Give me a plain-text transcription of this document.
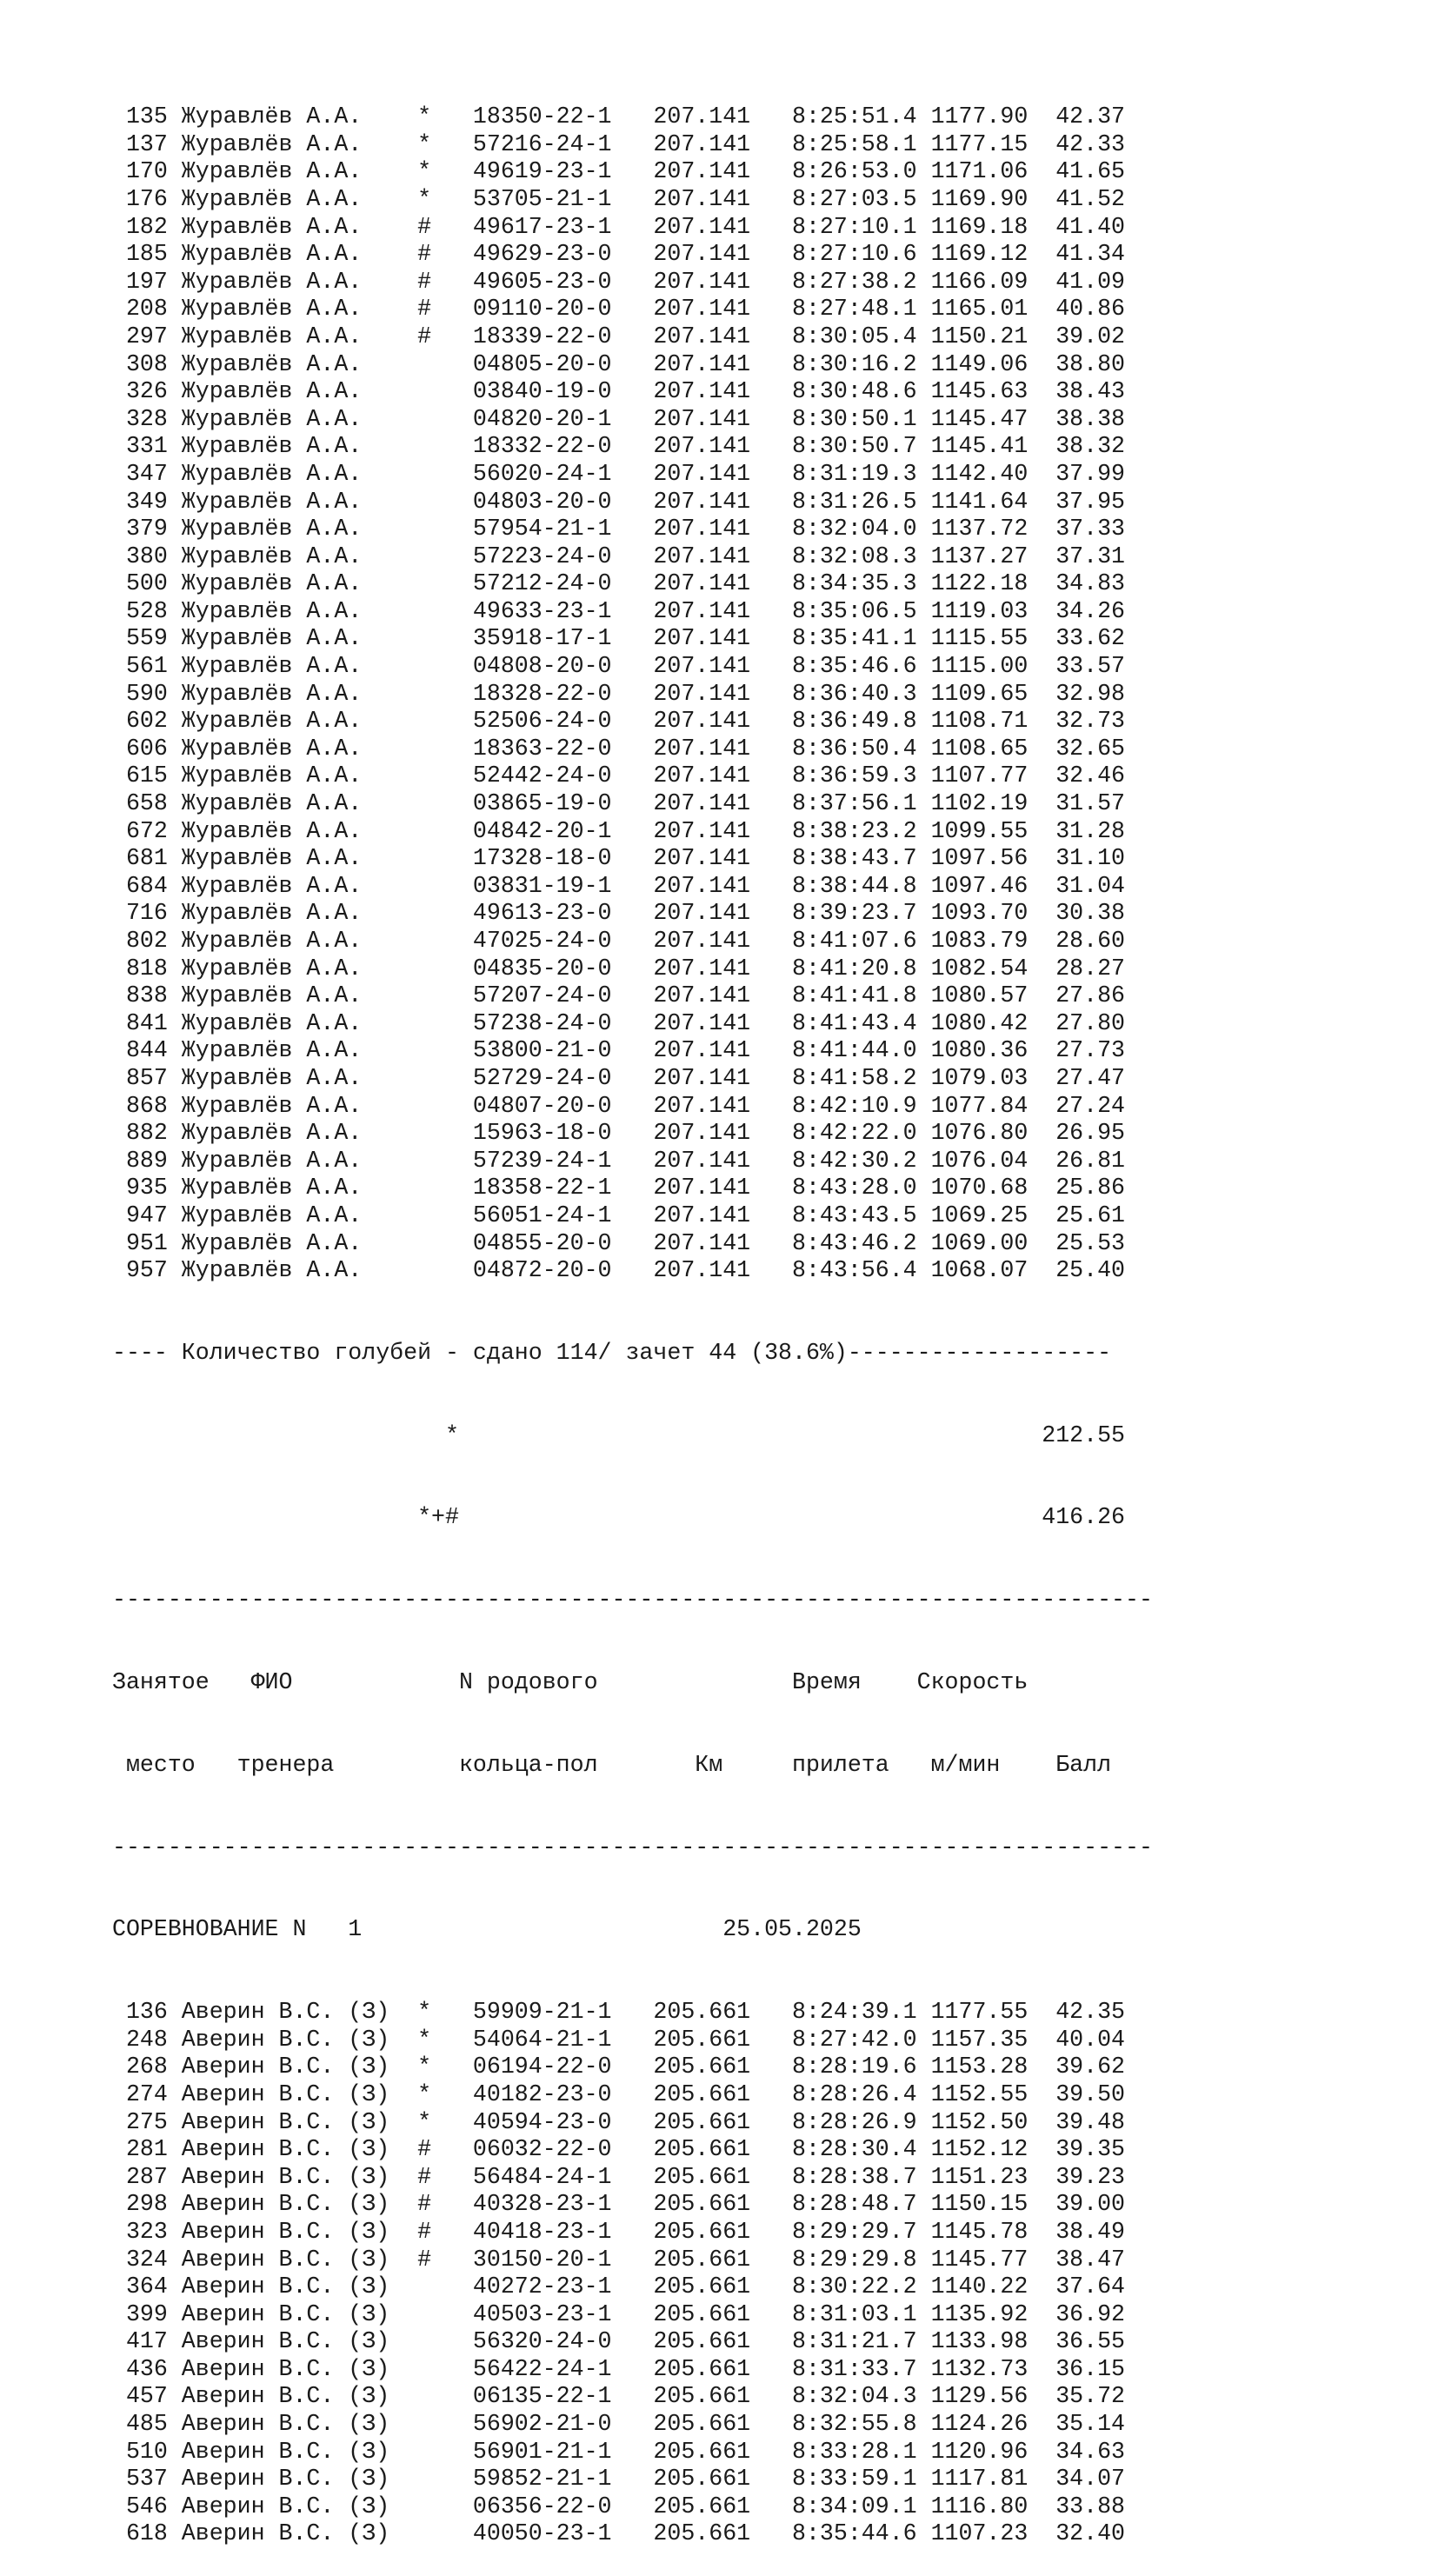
135 Журавлёв А.А.    *   18350-22-1   207.141   8:25:51.4 1177.90  42.37
137 Журавлёв А.А.    *   57216-24-1   207.141   8:25:58.1 1177.15  42.33
170 Журавлёв А.А.    *   49619-23-1   207.141   8:26:53.0 1171.06  41.65
176 Журавлёв А.А.    *   53705-21-1   207.141   8:27:03.5 1169.90  41.52
182 Журавлёв А.А.    #   49617-23-1   207.141   8:27:10.1 1169.18  41.40
185 Журавлёв А.А.    #   49629-23-0   207.141   8:27:10.6 1169.12  41.34
197 Журавлёв А.А.    #   49605-23-0   207.141   8:27:38.2 1166.09  41.09
208 Журавлёв А.А.    #   09110-20-0   207.141   8:27:48.1 1165.01  40.86
297 Журавлёв А.А.    #   18339-22-0   207.141   8:30:05.4 1150.21  39.02
308 Журавлёв А.А.        04805-20-0   207.141   8:30:16.2 1149.06  38.80
326 Журавлёв А.А.        03840-19-0   207.141   8:30:48.6 1145.63  38.43
328 Журавлёв А.А.        04820-20-1   207.141   8:30:50.1 1145.47  38.38
331 Журавлёв А.А.        18332-22-0   207.141   8:30:50.7 1145.41  38.32
347 Журавлёв А.А.        56020-24-1   207.141   8:31:19.3 1142.40  37.99
349 Журавлёв А.А.        04803-20-0   207.141   8:31:26.5 1141.64  37.95
379 Журавлёв А.А.        57954-21-1   207.141   8:32:04.0 1137.72  37.33
380 Журавлёв А.А.        57223-24-0   207.141   8:32:08.3 1137.27  37.31
500 Журавлёв А.А.        57212-24-0   207.141   8:34:35.3 1122.18  34.83
528 Журавлёв А.А.        49633-23-1   207.141   8:35:06.5 1119.03  34.26
559 Журавлёв А.А.        35918-17-1   207.141   8:35:41.1 1115.55  33.62
561 Журавлёв А.А.        04808-20-0   207.141   8:35:46.6 1115.00  33.57
590 Журавлёв А.А.        18328-22-0   207.141   8:36:40.3 1109.65  32.98
602 Журавлёв А.А.        52506-24-0   207.141   8:36:49.8 1108.71  32.73
606 Журавлёв А.А.        18363-22-0   207.141   8:36:50.4 1108.65  32.65
615 Журавлёв А.А.        52442-24-0   207.141   8:36:59.3 1107.77  32.46
658 Журавлёв А.А.        03865-19-0   207.141   8:37:56.1 1102.19  31.57
672 Журавлёв А.А.        04842-20-1   207.141   8:38:23.2 1099.55  31.28
681 Журавлёв А.А.        17328-18-0   207.141   8:38:43.7 1097.56  31.10
684 Журавлёв А.А.        03831-19-1   207.141   8:38:44.8 1097.46  31.04
716 Журавлёв А.А.        49613-23-0   207.141   8:39:23.7 1093.70  30.38
802 Журавлёв А.А.        47025-24-0   207.141   8:41:07.6 1083.79  28.60
818 Журавлёв А.А.        04835-20-0   207.141   8:41:20.8 1082.54  28.27
838 Журавлёв А.А.        57207-24-0   207.141   8:41:41.8 1080.57  27.86
841 Журавлёв А.А.        57238-24-0   207.141   8:41:43.4 1080.42  27.80
844 Журавлёв А.А.        53800-21-0   207.141   8:41:44.0 1080.36  27.73
857 Журавлёв А.А.        52729-24-0   207.141   8:41:58.2 1079.03  27.47
868 Журавлёв А.А.        04807-20-0   207.141   8:42:10.9 1077.84  27.24
882 Журавлёв А.А.        15963-18-0   207.141   8:42:22.0 1076.80  26.95
889 Журавлёв А.А.        57239-24-1   207.141   8:42:30.2 1076.04  26.81
935 Журавлёв А.А.        18358-22-1   207.141   8:43:28.0 1070.68  25.86
947 Журавлёв А.А.        56051-24-1   207.141   8:43:43.5 1069.25  25.61
951 Журавлёв А.А.        04855-20-0   207.141   8:43:46.2 1069.00  25.53
957 Журавлёв А.А.        04872-20-0   207.141   8:43:56.4 1068.07  25.40

---- Количество голубей - сдано 114/ зачет 44 (38.6%)-------------------

*                                          212.55

*+#                                          416.26

---------------------------------------------------------------------------

Занятое   ФИО            N родового              Время    Скорость

место   тренера         кольца-пол       Км     прилета   м/мин    Балл

---------------------------------------------------------------------------

СОРЕВНОВАНИЕ N   1                          25.05.2025

136 Аверин В.С. (З)  *   59909-21-1   205.661   8:24:39.1 1177.55  42.35
248 Аверин В.С. (З)  *   54064-21-1   205.661   8:27:42.0 1157.35  40.04
268 Аверин В.С. (З)  *   06194-22-0   205.661   8:28:19.6 1153.28  39.62
274 Аверин В.С. (З)  *   40182-23-0   205.661   8:28:26.4 1152.55  39.50
275 Аверин В.С. (З)  *   40594-23-0   205.661   8:28:26.9 1152.50  39.48
281 Аверин В.С. (З)  #   06032-22-0   205.661   8:28:30.4 1152.12  39.35
287 Аверин В.С. (З)  #   56484-24-1   205.661   8:28:38.7 1151.23  39.23
298 Аверин В.С. (З)  #   40328-23-1   205.661   8:28:48.7 1150.15  39.00
323 Аверин В.С. (З)  #   40418-23-1   205.661   8:29:29.7 1145.78  38.49
324 Аверин В.С. (З)  #   30150-20-1   205.661   8:29:29.8 1145.77  38.47
364 Аверин В.С. (З)      40272-23-1   205.661   8:30:22.2 1140.22  37.64
399 Аверин В.С. (З)      40503-23-1   205.661   8:31:03.1 1135.92  36.92
417 Аверин В.С. (З)      56320-24-0   205.661   8:31:21.7 1133.98  36.55
436 Аверин В.С. (З)      56422-24-1   205.661   8:31:33.7 1132.73  36.15
457 Аверин В.С. (З)      06135-22-1   205.661   8:32:04.3 1129.56  35.72
485 Аверин В.С. (З)      56902-21-0   205.661   8:32:55.8 1124.26  35.14
510 Аверин В.С. (З)      56901-21-1   205.661   8:33:28.1 1120.96  34.63
537 Аверин В.С. (З)      59852-21-1   205.661   8:33:59.1 1117.81  34.07
546 Аверин В.С. (З)      06356-22-0   205.661   8:34:09.1 1116.80  33.88
618 Аверин В.С. (З)      40050-23-1   205.661   8:35:44.6 1107.23  32.40
